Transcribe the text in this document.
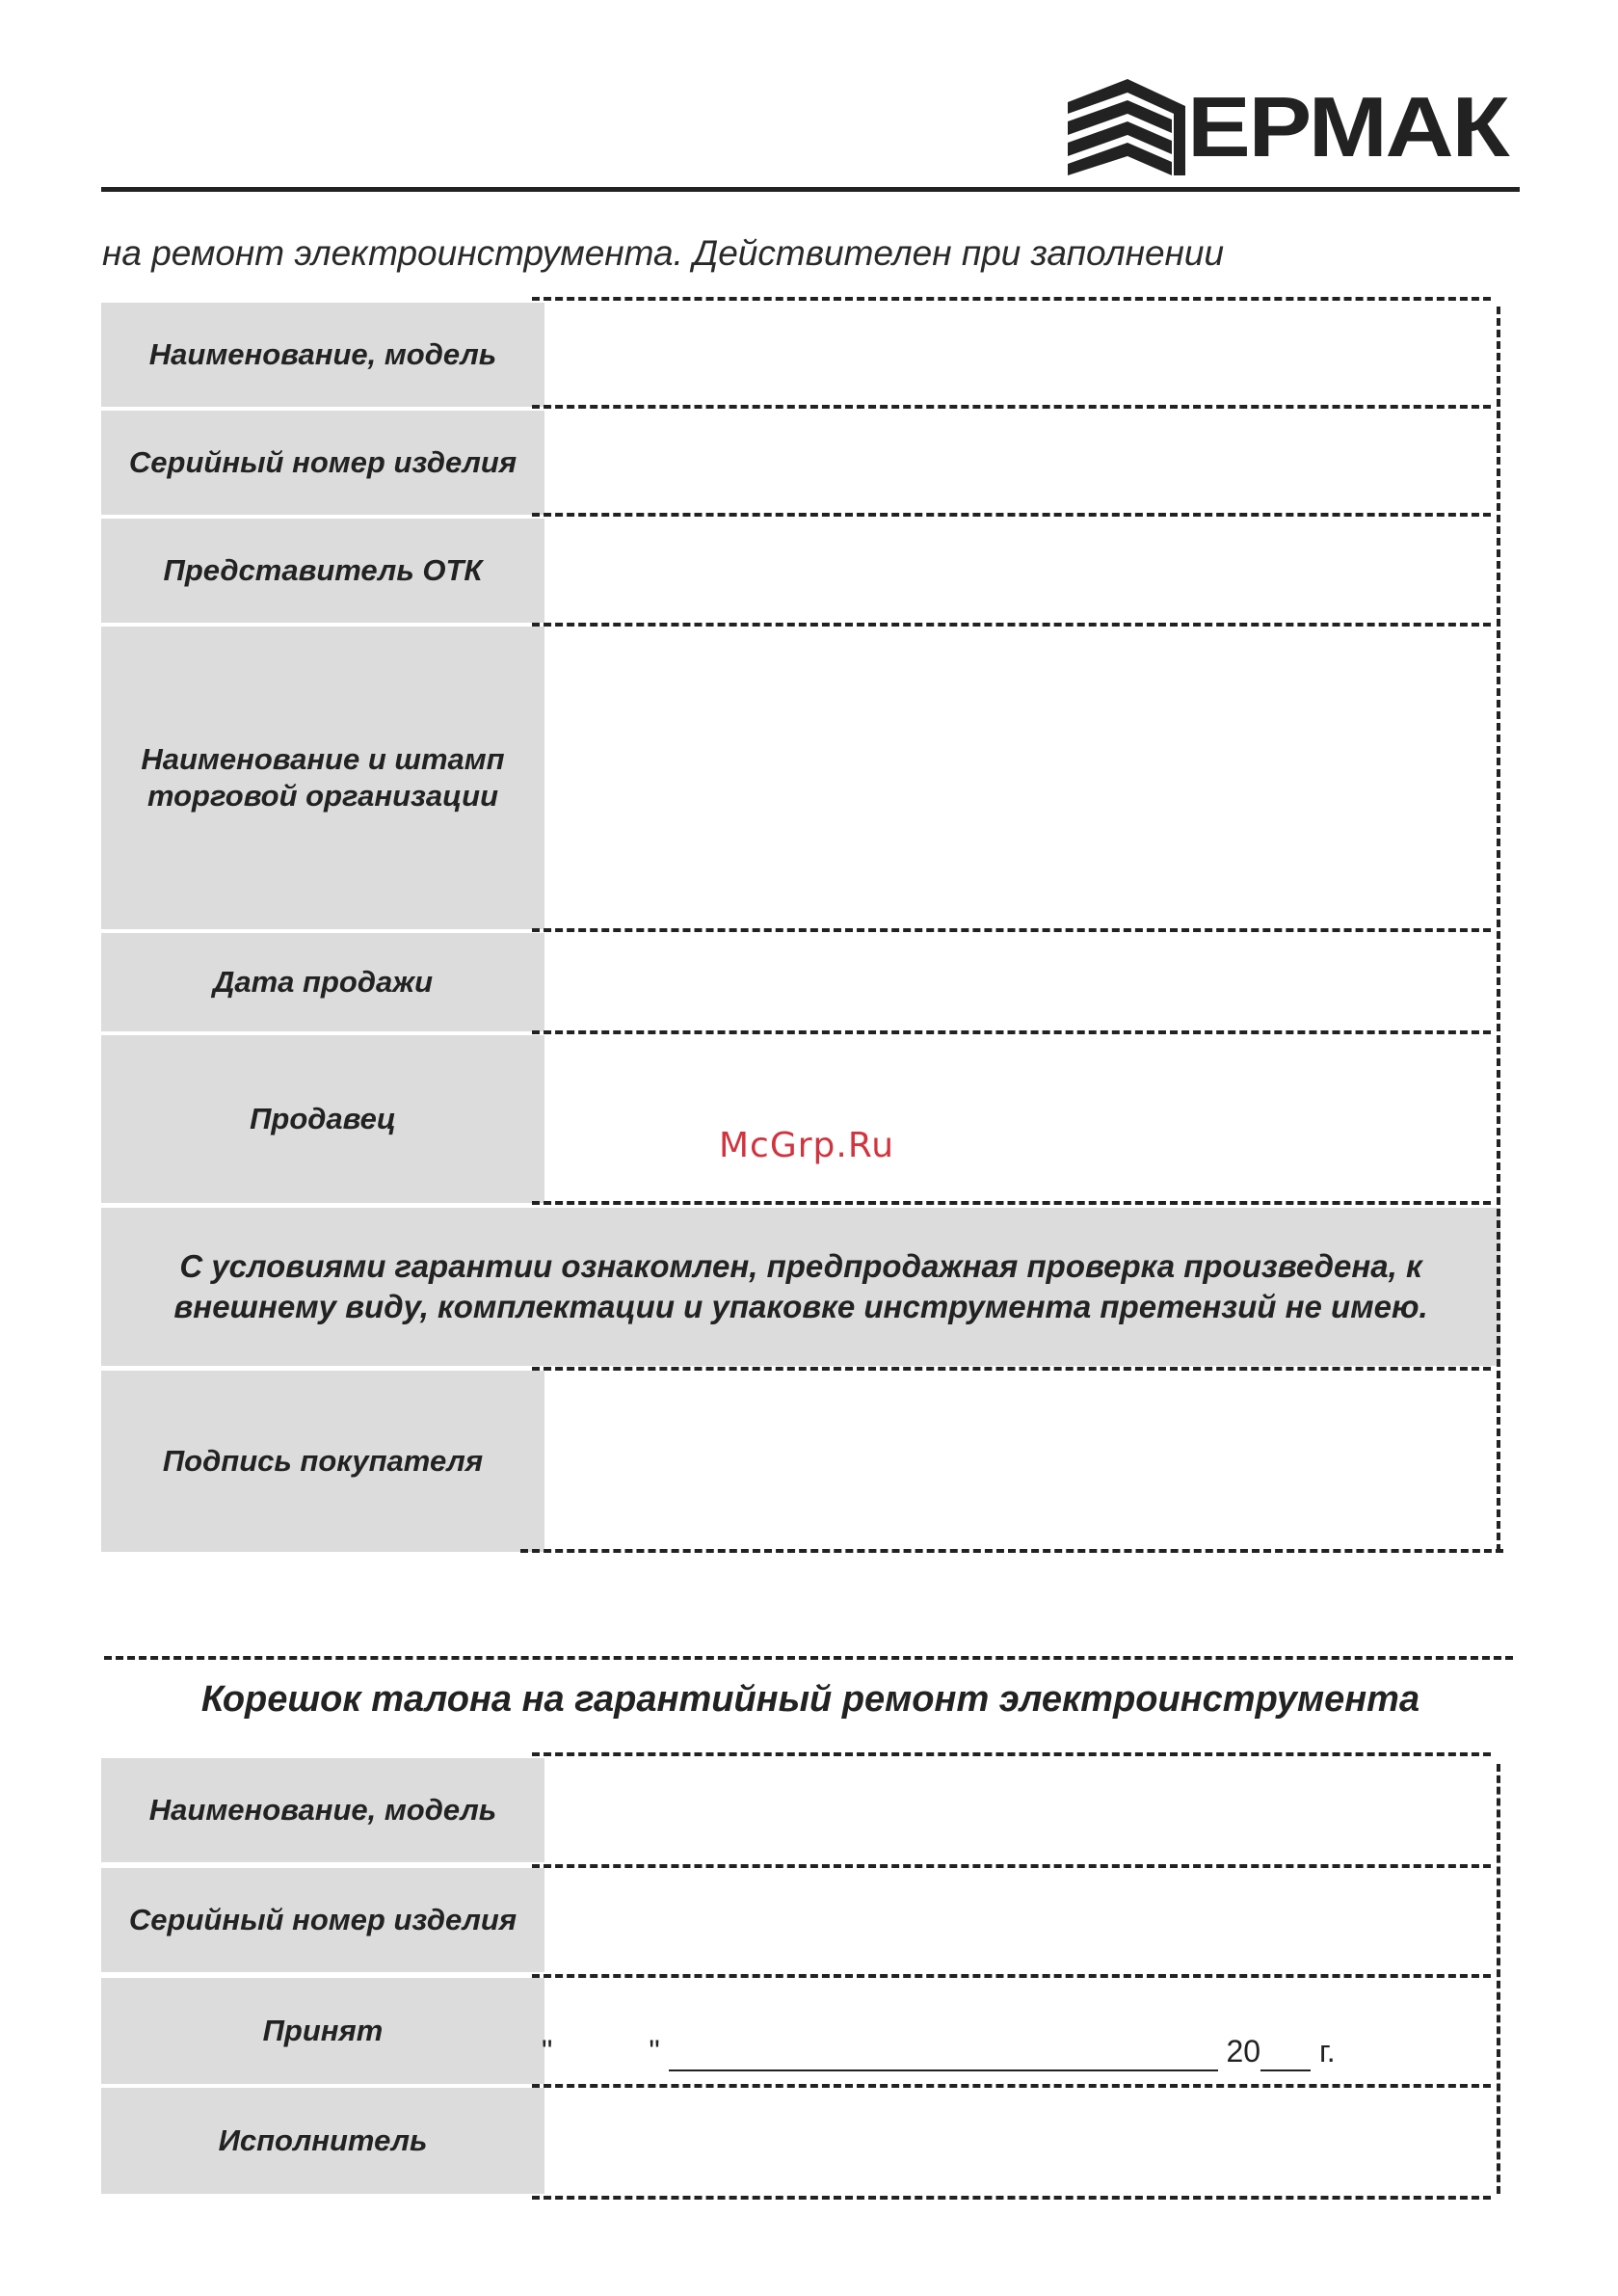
ЕРМАК
на ремонт электроинструмента. Действителен при заполнении
Наименование, модель
Серийный номер изделия
Представитель ОТК
Наименование и штамп торговой организации
Дата продажи
Продавец
С условиями гарантии ознакомлен, предпродажная проверка произведена, к внешнему виду, комплектации и упаковке инструмента претензий не имею.
Подпись покупателя
McGrp.Ru
Корешок талона на гарантийный ремонт электроинструмента
Наименование, модель
Серийный номер изделия
Принят
Исполнитель
"	"	20 г.
